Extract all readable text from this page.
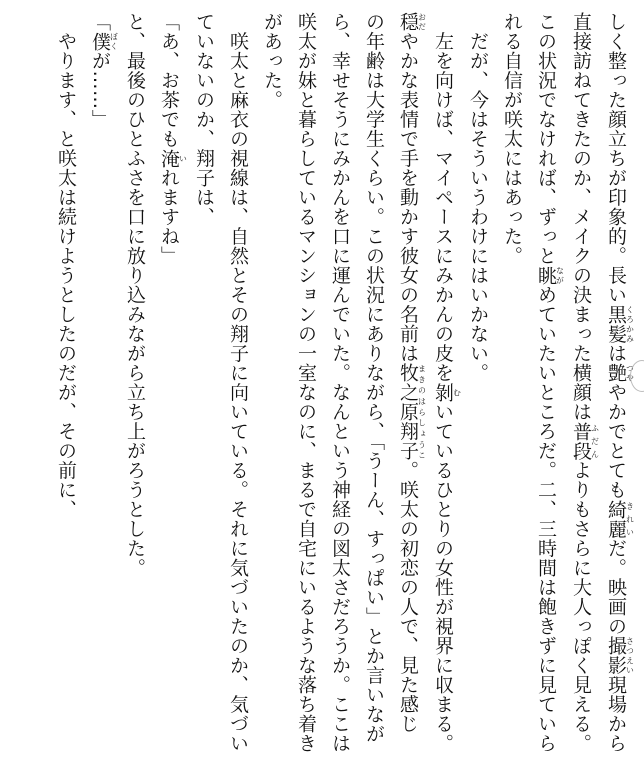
しく整った顔立ちが印象的。長い黒髪くろかみは艶つややかでとても綺麗きれいだ。映画の撮影さつえい現場から
直接訪ねてきたのか、メイクの決まった横顔は普段ふだんよりもさらに大人っぽく見える。
この状況でなければ、ずっと眺ながめていたいところだ。二、三時間は飽きずに見ていら
れる自信が咲太にはあった。
　だが、今はそういうわけにはいかない。
　左を向けば、マイペースにみかんの皮を剝むいているひとりの女性が視界に収まる。
穏おだやかな表情で手を動かす彼女の名前は牧之原翔子まきのはらしょうこ。咲太の初恋の人で、見た感じ
の年齢は大学生くらい。この状況にありながら、「うーん、すっぱい」とか言いなが
ら、幸せそうにみかんを口に運んでいた。なんという神経の図太さだろうか。ここは
咲太が妹と暮らしているマンションの一室なのに、まるで自宅にいるような落ち着き
があった。
　咲太と麻衣の視線は、自然とその翔子に向いている。それに気づいたのか、気づい
ていないのか、翔子は、
「あ、お茶でも淹いれますね」
と、最後のひとふさを口に放り込みながら立ち上がろうとした。
「僕ぼくが……」
　やります、と咲太は続けようとしたのだが、その前に、
